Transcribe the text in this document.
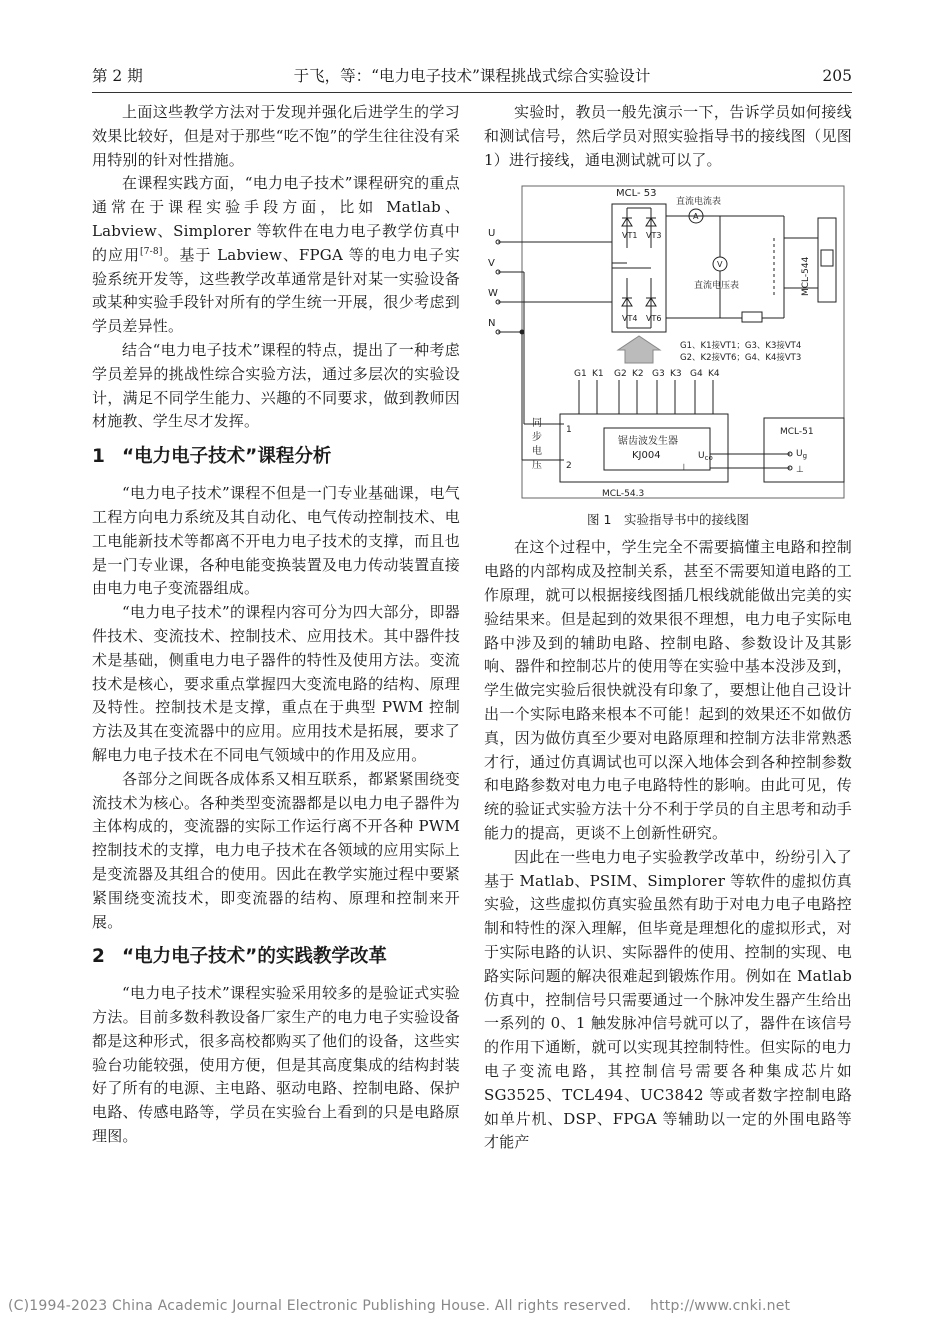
第 2 期	于飞，等：“电力电子技术”课程挑战式综合实验设计	205

上面这些教学方法对于发现并强化后进学生的学习效果比较好，但是对于那些“吃不饱”的学生往往没有采用特别的针对性措施。

在课程实践方面，“电力电子技术”课程研究的重点通常在于课程实验手段方面，比如 Matlab、Labview、Simplorer 等软件在电力电子教学仿真中的应用[7-8]。基于 Labview、FPGA 等的电力电子实验系统开发等，这些教学改革通常是针对某一实验设备或某种实验手段针对所有的学生统一开展，很少考虑到学员差异性。

结合“电力电子技术”课程的特点，提出了一种考虑学员差异的挑战性综合实验方法，通过多层次的实验设计，满足不同学生能力、兴趣的不同要求，做到教师因材施教、学生尽才发挥。

1 “电力电子技术”课程分析

“电力电子技术”课程不但是一门专业基础课，电气工程方向电力系统及其自动化、电气传动控制技术、电工电能新技术等都离不开电力电子技术的支撑，而且也是一门专业课，各种电能变换装置及电力传动装置直接由电力电子变流器组成。

“电力电子技术”的课程内容可分为四大部分，即器件技术、变流技术、控制技术、应用技术。其中器件技术是基础，侧重电力电子器件的特性及使用方法。变流技术是核心，要求重点掌握四大变流电路的结构、原理及特性。控制技术是支撑，重点在于典型 PWM 控制方法及其在变流器中的应用。应用技术是拓展，要求了解电力电子技术在不同电气领域中的作用及应用。

各部分之间既各成体系又相互联系，都紧紧围绕变流技术为核心。各种类型变流器都是以电力电子器件为主体构成的，变流器的实际工作运行离不开各种 PWM 控制技术的支撑，电力电子技术在各领域的应用实际上是变流器及其组合的使用。因此在教学实施过程中要紧紧围绕变流技术，即变流器的结构、原理和控制来开展。

2 “电力电子技术”的实践教学改革

“电力电子技术”课程实验采用较多的是验证式实验方法。目前多数科教设备厂家生产的电力电子实验设备都是这种形式，很多高校都购买了他们的设备，这些实验台功能较强，使用方便，但是其高度集成的结构封装好了所有的电源、主电路、驱动电路、控制电路、保护电路、传感电路等，学员在实验台上看到的只是电路原理图。

实验时，教员一般先演示一下，告诉学员如何接线和测试信号，然后学员对照实验指导书的接线图（见图 1）进行接线，通电测试就可以了。

MCL- 53
VT1 VT3
VT4 VT6
U
V
W
N
A
直流电流表
V
直流电压表	MCL-544
G1、K1接VT1；G3、K3接VT4
G2、K2接VT6；G4、K4接VT3
G1 K1 G2 K2 G3 K3 G4 K4
锯齿波发生器
KJ004	$U_{co}$
⊥
1
2
同
步
电
压
MCL-54.3
MCL-51
$U_g$
⊥
图 1　实验指导书中的接线图

在这个过程中，学生完全不需要搞懂主电路和控制电路的内部构成及控制关系，甚至不需要知道电路的工作原理，就可以根据接线图插几根线就能做出完美的实验结果来。但是起到的效果很不理想，电力电子实际电路中涉及到的辅助电路、控制电路、参数设计及其影响、器件和控制芯片的使用等在实验中基本没涉及到，学生做完实验后很快就没有印象了，要想让他自己设计出一个实际电路来根本不可能！起到的效果还不如做仿真，因为做仿真至少要对电路原理和控制方法非常熟悉才行，通过仿真调试也可以深入地体会到各种控制参数和电路参数对电力电子电路特性的影响。由此可见，传统的验证式实验方法十分不利于学员的自主思考和动手能力的提高，更谈不上创新性研究。

因此在一些电力电子实验教学改革中，纷纷引入了基于 Matlab、PSIM、Simplorer 等软件的虚拟仿真实验，这些虚拟仿真实验虽然有助于对电力电子电路控制和特性的深入理解，但毕竟是理想化的虚拟形式，对于实际电路的认识、实际器件的使用、控制的实现、电路实际问题的解决很难起到锻炼作用。例如在 Matlab 仿真中，控制信号只需要通过一个脉冲发生器产生给出一系列的 0、1 触发脉冲信号就可以了，器件在该信号的作用下通断，就可以实现其控制特性。但实际的电力电子变流电路，其控制信号需要各种集成芯片如 SG3525、TCL494、UC3842 等或者数字控制电路如单片机、DSP、FPGA 等辅助以一定的外围电路等才能产

(C)1994-2023 China Academic Journal Electronic Publishing House. All rights reserved. http://www.cnki.net
